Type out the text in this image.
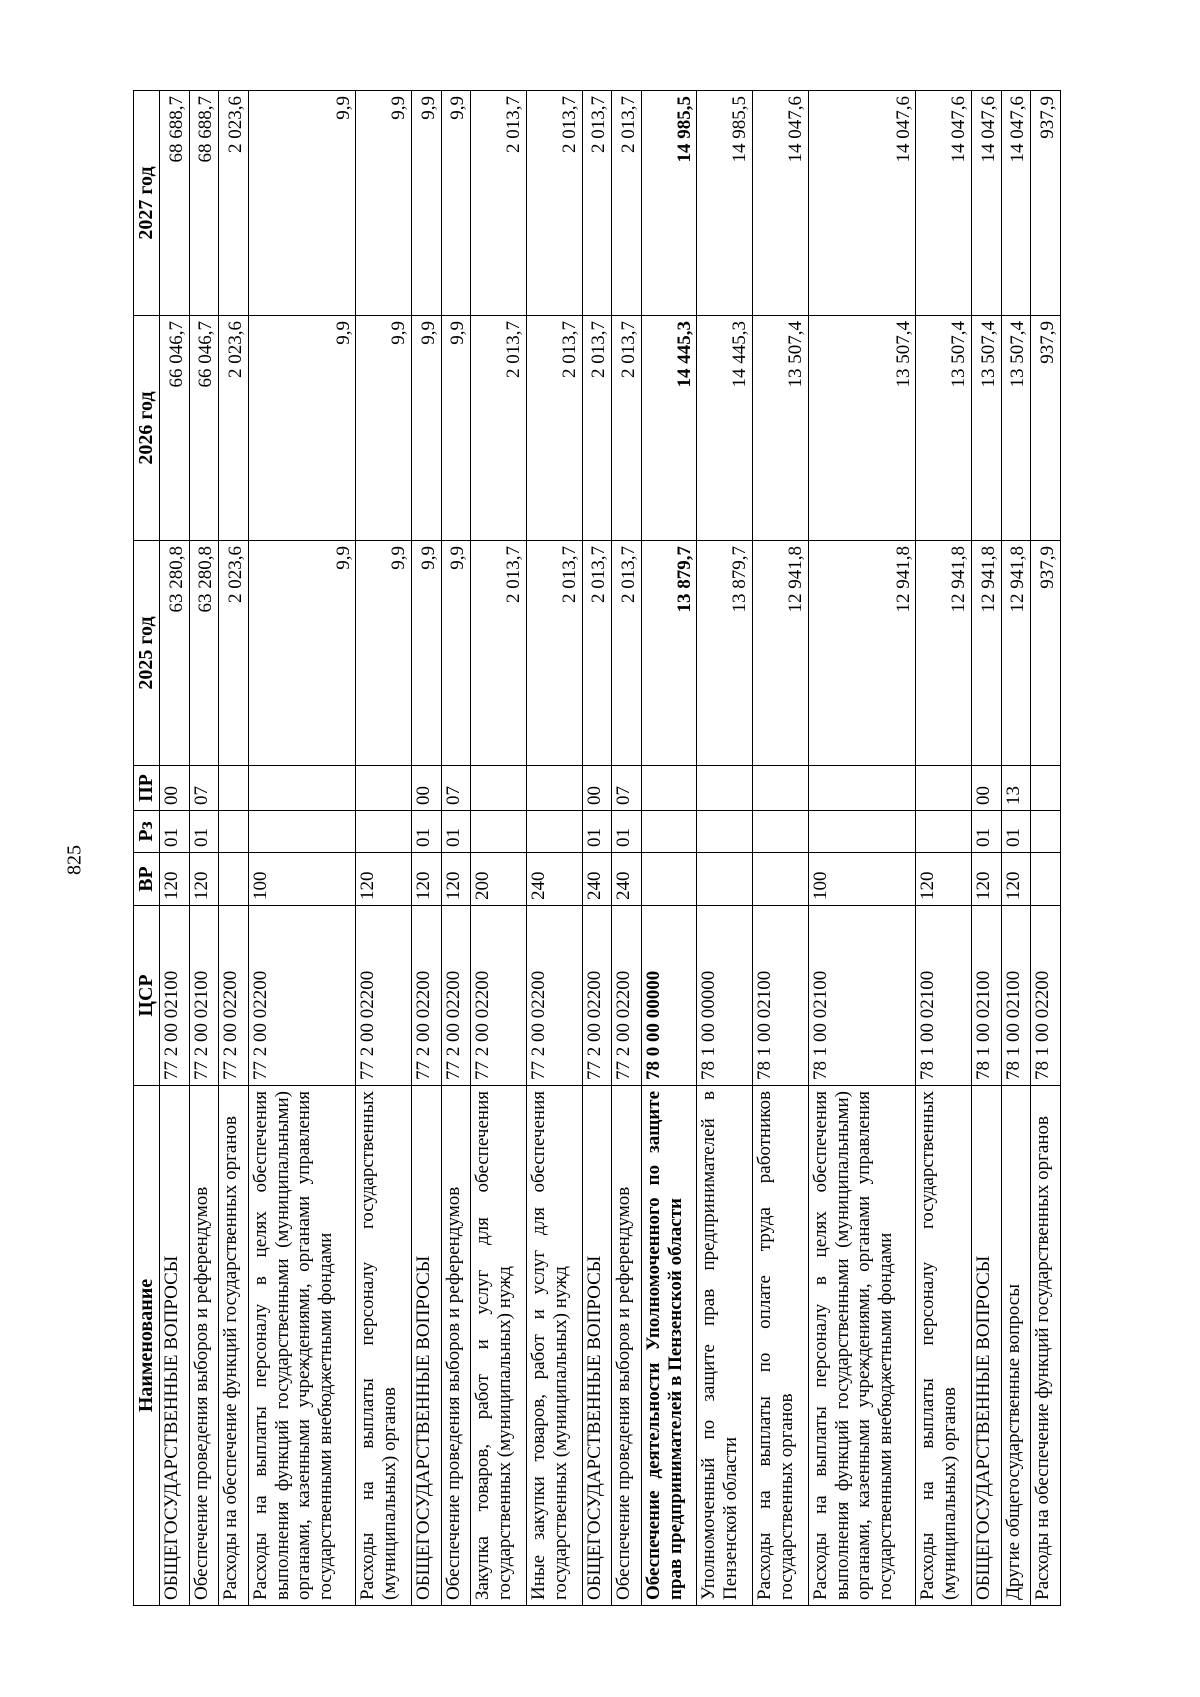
825
Наименование	ЦСР	ВР	Рз	ПР	2025 год	2026 год	2027 год
ОБЩЕГОСУДАРСТВЕННЫЕ ВОПРОСЫ	77 2 00 02100	120	01	00	63 280,8	66 046,7	68 688,7
Обеспечение проведения выборов и референдумов	77 2 00 02100	120	01	07	63 280,8	66 046,7	68 688,7
Расходы на обеспечение функций государственных органов	77 2 00 02200				2 023,6	2 023,6	2 023,6
Расходы на выплаты персоналу в целях обеспечения выполнения функций государственными (муниципальными) органами, казенными учреждениями, органами управления государственными внебюджетными фондами	77 2 00 02200	100			9,9	9,9	9,9
Расходы на выплаты персоналу государственных (муниципальных) органов	77 2 00 02200	120			9,9	9,9	9,9
ОБЩЕГОСУДАРСТВЕННЫЕ ВОПРОСЫ	77 2 00 02200	120	01	00	9,9	9,9	9,9
Обеспечение проведения выборов и референдумов	77 2 00 02200	120	01	07	9,9	9,9	9,9
Закупка товаров, работ и услуг для обеспечения государственных (муниципальных) нужд	77 2 00 02200	200			2 013,7	2 013,7	2 013,7
Иные закупки товаров, работ и услуг для обеспечения государственных (муниципальных) нужд	77 2 00 02200	240			2 013,7	2 013,7	2 013,7
ОБЩЕГОСУДАРСТВЕННЫЕ ВОПРОСЫ	77 2 00 02200	240	01	00	2 013,7	2 013,7	2 013,7
Обеспечение проведения выборов и референдумов	77 2 00 02200	240	01	07	2 013,7	2 013,7	2 013,7
Обеспечение деятельности Уполномоченного по защите прав предпринимателей в Пензенской области	78 0 00 00000				13 879,7	14 445,3	14 985,5
Уполномоченный по защите прав предпринимателей в Пензенской области	78 1 00 00000				13 879,7	14 445,3	14 985,5
Расходы на выплаты по оплате труда работников государственных органов	78 1 00 02100				12 941,8	13 507,4	14 047,6
Расходы на выплаты персоналу в целях обеспечения выполнения функций государственными (муниципальными) органами, казенными учреждениями, органами управления государственными внебюджетными фондами	78 1 00 02100	100			12 941,8	13 507,4	14 047,6
Расходы на выплаты персоналу государственных (муниципальных) органов	78 1 00 02100	120			12 941,8	13 507,4	14 047,6
ОБЩЕГОСУДАРСТВЕННЫЕ ВОПРОСЫ	78 1 00 02100	120	01	00	12 941,8	13 507,4	14 047,6
Другие общегосударственные вопросы	78 1 00 02100	120	01	13	12 941,8	13 507,4	14 047,6
Расходы на обеспечение функций государственных органов	78 1 00 02200				937,9	937,9	937,9
